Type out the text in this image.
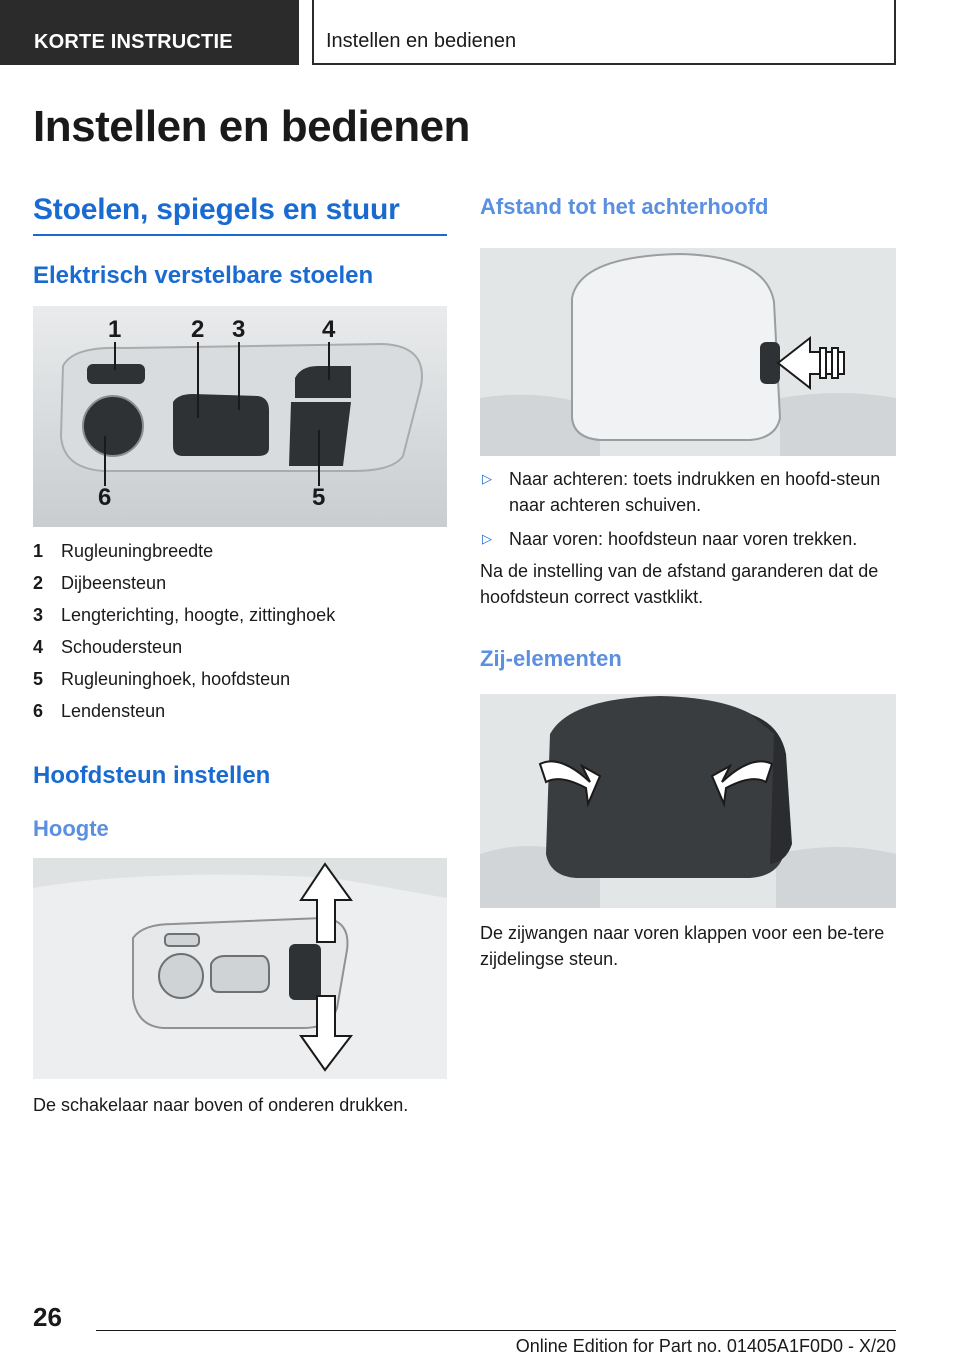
KORTE INSTRUCTIE	Instellen en bedienen
Instellen en bedienen
Stoelen, spiegels en stuur
Elektrisch verstelbare stoelen
1	2 3	4
5
6
1 Rugleuningbreedte
2 Dijbeensteun
3 Lengterichting, hoogte, zittinghoek
4 Schoudersteun
5 Rugleuninghoek, hoofdsteun
6 Lendensteun
Hoofdsteun instellen
Hoogte

De schakelaar naar boven of onderen drukken.

Afstand tot het achterhoofd
▷ Naar achteren: toets indrukken en hoofd-steun naar achteren schuiven.
▷ Naar voren: hoofdsteun naar voren trekken.

Na de instelling van de afstand garanderen dat de hoofdsteun correct vastklikt.

Zij-elementen

De zijwangen naar voren klappen voor een be-tere zijdelingse steun.

26
Online Edition for Part no. 01405A1F0D0 - X/20
